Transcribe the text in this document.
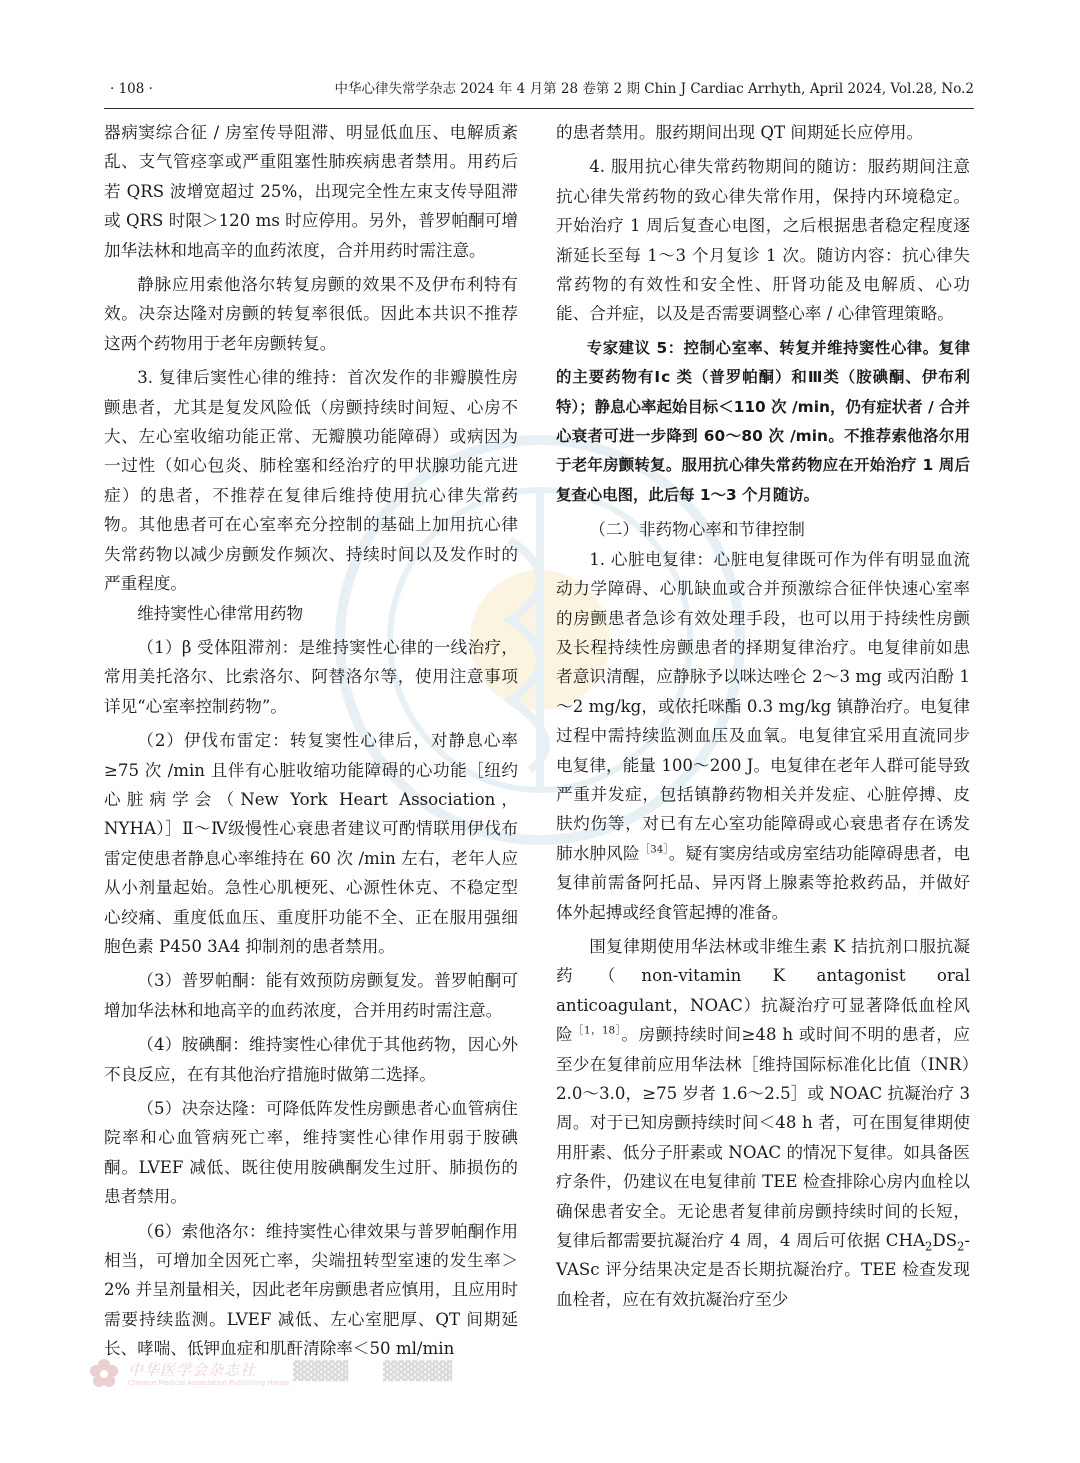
· 108 ·	中华心律失常学杂志 2024 年 4 月第 28 卷第 2 期 Chin J Cardiac Arrhyth, April 2024, Vol.28, No.2

器病窦综合征 / 房室传导阻滞、明显低血压、电解质紊乱、支气管痉挛或严重阻塞性肺疾病患者禁用。用药后若 QRS 波增宽超过 25%，出现完全性左束支传导阻滞或 QRS 时限＞120 ms 时应停用。另外，普罗帕酮可增加华法林和地高辛的血药浓度，合并用药时需注意。

静脉应用索他洛尔转复房颤的效果不及伊布利特有效。决奈达隆对房颤的转复率很低。因此本共识不推荐这两个药物用于老年房颤转复。

3. 复律后窦性心律的维持：首次发作的非瓣膜性房颤患者，尤其是复发风险低（房颤持续时间短、心房不大、左心室收缩功能正常、无瓣膜功能障碍）或病因为一过性（如心包炎、肺栓塞和经治疗的甲状腺功能亢进症）的患者，不推荐在复律后维持使用抗心律失常药物。其他患者可在心室率充分控制的基础上加用抗心律失常药物以减少房颤发作频次、持续时间以及发作时的严重程度。

维持窦性心律常用药物

（1）β 受体阻滞剂：是维持窦性心律的一线治疗，常用美托洛尔、比索洛尔、阿替洛尔等，使用注意事项详见“心室率控制药物”。

（2）伊伐布雷定：转复窦性心律后，对静息心率≥75 次 /min 且伴有心脏收缩功能障碍的心功能［纽约心脏病学会（New York Heart Association，NYHA）］Ⅱ～Ⅳ级慢性心衰患者建议可酌情联用伊伐布雷定使患者静息心率维持在 60 次 /min 左右，老年人应从小剂量起始。急性心肌梗死、心源性休克、不稳定型心绞痛、重度低血压、重度肝功能不全、正在服用强细胞色素 P450 3A4 抑制剂的患者禁用。

（3）普罗帕酮：能有效预防房颤复发。普罗帕酮可增加华法林和地高辛的血药浓度，合并用药时需注意。

（4）胺碘酮：维持窦性心律优于其他药物，因心外不良反应，在有其他治疗措施时做第二选择。

（5）决奈达隆：可降低阵发性房颤患者心血管病住院率和心血管病死亡率，维持窦性心律作用弱于胺碘酮。LVEF 减低、既往使用胺碘酮发生过肝、肺损伤的患者禁用。

（6）索他洛尔：维持窦性心律效果与普罗帕酮作用相当，可增加全因死亡率，尖端扭转型室速的发生率＞2% 并呈剂量相关，因此老年房颤患者应慎用，且应用时需要持续监测。LVEF 减低、左心室肥厚、QT 间期延长、哮喘、低钾血症和肌酐清除率＜50 ml/min

的患者禁用。服药期间出现 QT 间期延长应停用。

4. 服用抗心律失常药物期间的随访：服药期间注意抗心律失常药物的致心律失常作用，保持内环境稳定。开始治疗 1 周后复查心电图，之后根据患者稳定程度逐渐延长至每 1～3 个月复诊 1 次。随访内容：抗心律失常药物的有效性和安全性、肝肾功能及电解质、心功能、合并症，以及是否需要调整心率 / 心律管理策略。

专家建议 5：控制心室率、转复并维持窦性心律。复律的主要药物有Ⅰc 类（普罗帕酮）和Ⅲ类（胺碘酮、伊布利特）；静息心率起始目标＜110 次 /min，仍有症状者 / 合并心衰者可进一步降到 60～80 次 /min。不推荐索他洛尔用于老年房颤转复。服用抗心律失常药物应在开始治疗 1 周后复查心电图，此后每 1～3 个月随访。

（二）非药物心率和节律控制

1. 心脏电复律：心脏电复律既可作为伴有明显血流动力学障碍、心肌缺血或合并预激综合征伴快速心室率的房颤患者急诊有效处理手段，也可以用于持续性房颤及长程持续性房颤患者的择期复律治疗。电复律前如患者意识清醒，应静脉予以咪达唑仑 2～3 mg 或丙泊酚 1～2 mg/kg，或依托咪酯 0.3 mg/kg 镇静治疗。电复律过程中需持续监测血压及血氧。电复律宜采用直流同步电复律，能量 100～200 J。电复律在老年人群可能导致严重并发症，包括镇静药物相关并发症、心脏停搏、皮肤灼伤等，对已有左心室功能障碍或心衰患者存在诱发肺水肿风险$^{[34]}$。疑有窦房结或房室结功能障碍患者，电复律前需备阿托品、异丙肾上腺素等抢救药品，并做好体外起搏或经食管起搏的准备。

围复律期使用华法林或非维生素 K 拮抗剂口服抗凝药（non-vitamin K antagonist oral anticoagulant，NOAC）抗凝治疗可显著降低血栓风险$^{[1,18]}$。房颤持续时间≥48 h 或时间不明的患者，应至少在复律前应用华法林［维持国际标准化比值（INR）2.0～3.0，≥75 岁者 1.6～2.5］或 NOAC 抗凝治疗 3 周。对于已知房颤持续时间＜48 h 者，可在围复律期使用肝素、低分子肝素或 NOAC 的情况下复律。如具备医疗条件，仍建议在电复律前 TEE 检查排除心房内血栓以确保患者安全。无论患者复律前房颤持续时间的长短，复律后都需要抗凝治疗 4 周，4 周后可依据 $CHA_2DS_2$-VASc 评分结果决定是否长期抗凝治疗。TEE 检查发现血栓者，应在有效抗凝治疗至少

中华医学会杂志社
Chinese Medical Association Publishing House
▓▓▓▓ ▓▓▓▓▓
